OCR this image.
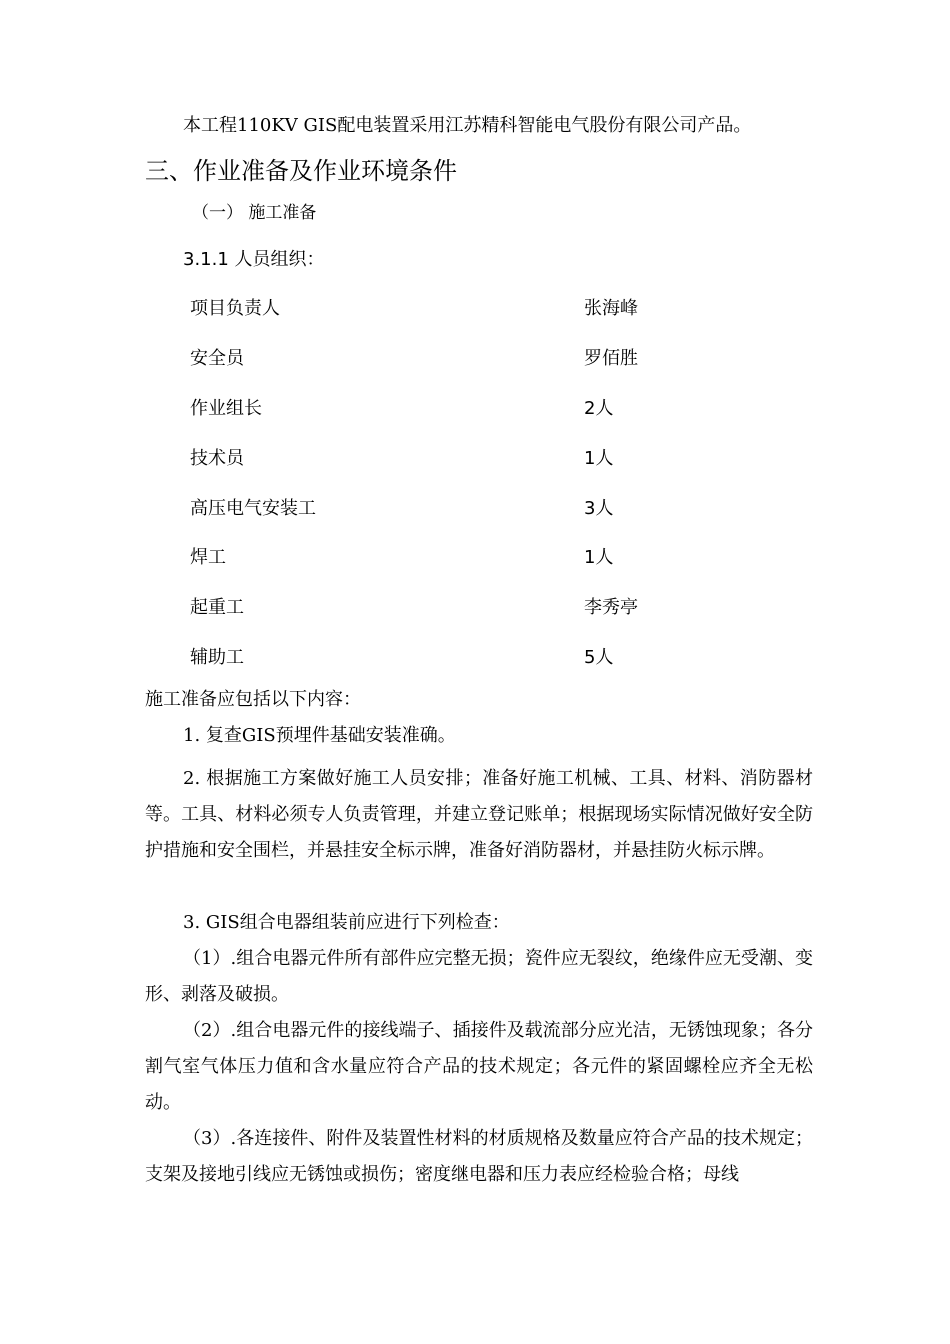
本工程110KV GIS配电装置采用江苏精科智能电气股份有限公司产品。
三、作业准备及作业环境条件
（一） 施工准备
3.1.1 人员组织：
项目负责人	张海峰
安全员	罗佰胜
作业组长	2人
技术员	1人
高压电气安装工	3人
焊工	1人
起重工	李秀亭
辅助工	5人
施工准备应包括以下内容：

1. 复查GIS预埋件基础安装准确。

2. 根据施工方案做好施工人员安排；准备好施工机械、工具、材料、消防器材等。工具、材料必须专人负责管理，并建立登记账单；根据现场实际情况做好安全防护措施和安全围栏，并悬挂安全标示牌，准备好消防器材，并悬挂防火标示牌。

3. GIS组合电器组装前应进行下列检查：

（1）.组合电器元件所有部件应完整无损；瓷件应无裂纹，绝缘件应无受潮、变形、剥落及破损。

（2）.组合电器元件的接线端子、插接件及载流部分应光洁，无锈蚀现象；各分割气室气体压力值和含水量应符合产品的技术规定；各元件的紧固螺栓应齐全无松动。

（3）.各连接件、附件及装置性材料的材质规格及数量应符合产品的技术规定；支架及接地引线应无锈蚀或损伤；密度继电器和压力表应经检验合格；母线
